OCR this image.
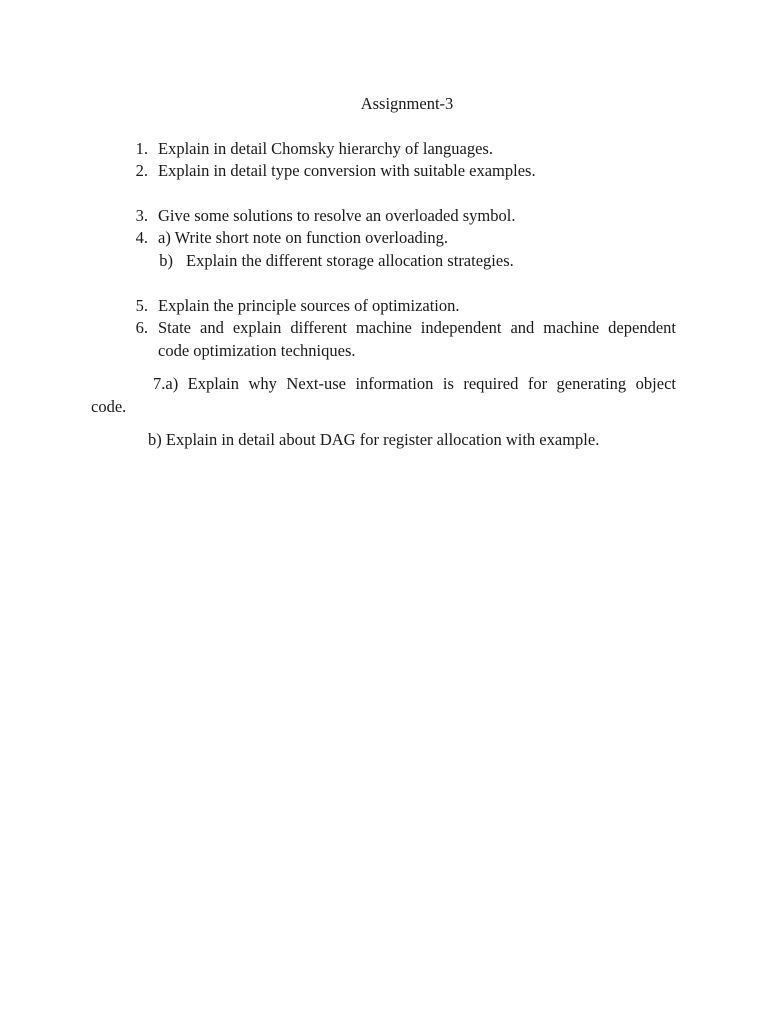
Assignment-3
1. Explain in detail Chomsky hierarchy of languages.
2. Explain in detail type conversion with suitable examples.
3. Give some solutions to resolve an overloaded symbol.
4. a) Write short note on function overloading.
b) Explain the different storage allocation strategies.
5. Explain the principle sources of optimization.
6. State and explain different machine independent and machine dependent
code optimization techniques.
7.a) Explain why Next-use information is required for generating object
code.
b) Explain in detail about DAG for register allocation with example.
